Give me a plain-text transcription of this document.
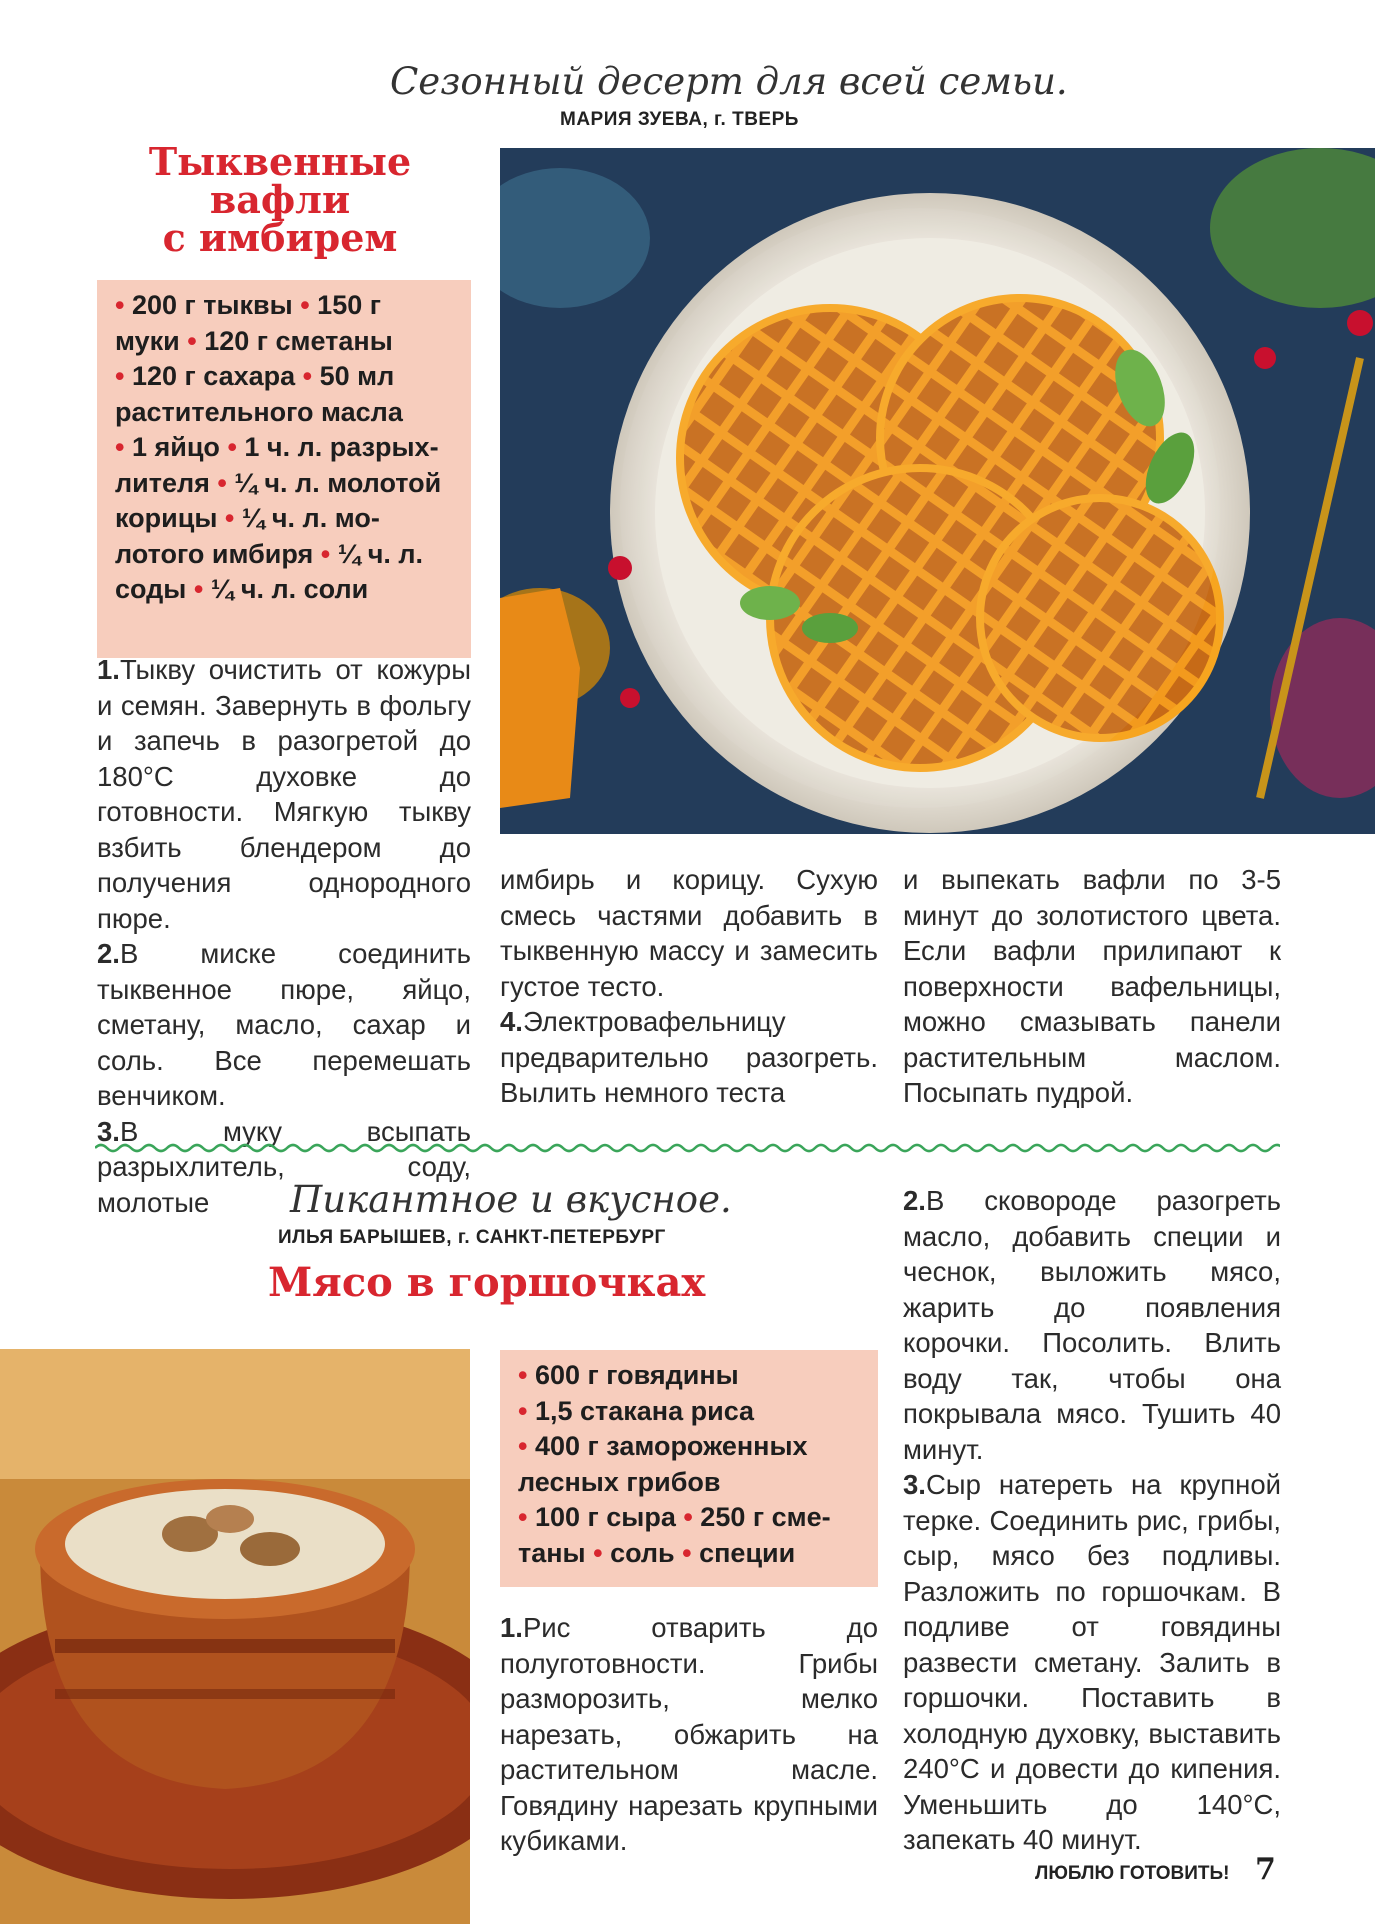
Сезонный десерт для всей семьи.
МАРИЯ ЗУЕВА, г. ТВЕРЬ
Тыквенные
вафли
с имбирем
• 200 г тыквы • 150 г
муки • 120 г сметаны
• 120 г сахара • 50 мл
растительного масла
• 1 яйцо • 1 ч. л. разрых-
лителя • ¼ ч. л. молотой
корицы • ¼ ч. л. мо-
лотого имбиря • ¼ ч. л.
соды • ¼ ч. л. соли
1.Тыкву очистить от кожуры и семян. Завернуть в фольгу и запечь в разогретой до 180°С духовке до готовности. Мягкую тыкву взбить блендером до получения однородного пюре.
2.В миске соединить тыквенное пюре, яйцо, сметану, масло, сахар и соль. Все перемешать венчиком.
3.В муку всыпать разрыхлитель, соду, молотые
имбирь и корицу. Сухую смесь частями добавить в тыквенную массу и замесить густое тесто.
4.Электровафельницу предварительно разогреть. Вылить немного теста
и выпекать вафли по 3-5 минут до золотистого цвета. Если вафли прилипают к поверхности вафельницы, можно смазывать панели растительным маслом. Посыпать пудрой.
Пикантное и вкусное.
ИЛЬЯ БАРЫШЕВ, г. САНКТ-ПЕТЕРБУРГ
Мясо в горшочках
• 600 г говядины
• 1,5 стакана риса
• 400 г замороженных
лесных грибов
• 100 г сыра • 250 г сме-
таны • соль • специи
1.Рис отварить до полуготовности. Грибы разморозить, мелко нарезать, обжарить на растительном масле. Говядину нарезать крупными кубиками.
2.В сковороде разогреть масло, добавить специи и чеснок, выложить мясо, жарить до появления корочки. Посолить. Влить воду так, чтобы она покрывала мясо. Тушить 40 минут.
3.Сыр натереть на крупной терке. Соединить рис, грибы, сыр, мясо без подливы. Разложить по горшочкам. В подливе от говядины развести сметану. Залить в горшочки. Поставить в холодную духовку, выставить 240°С и довести до кипения. Уменьшить до 140°С, запекать 40 минут.
ЛЮБЛЮ ГОТОВИТЬ! 7
